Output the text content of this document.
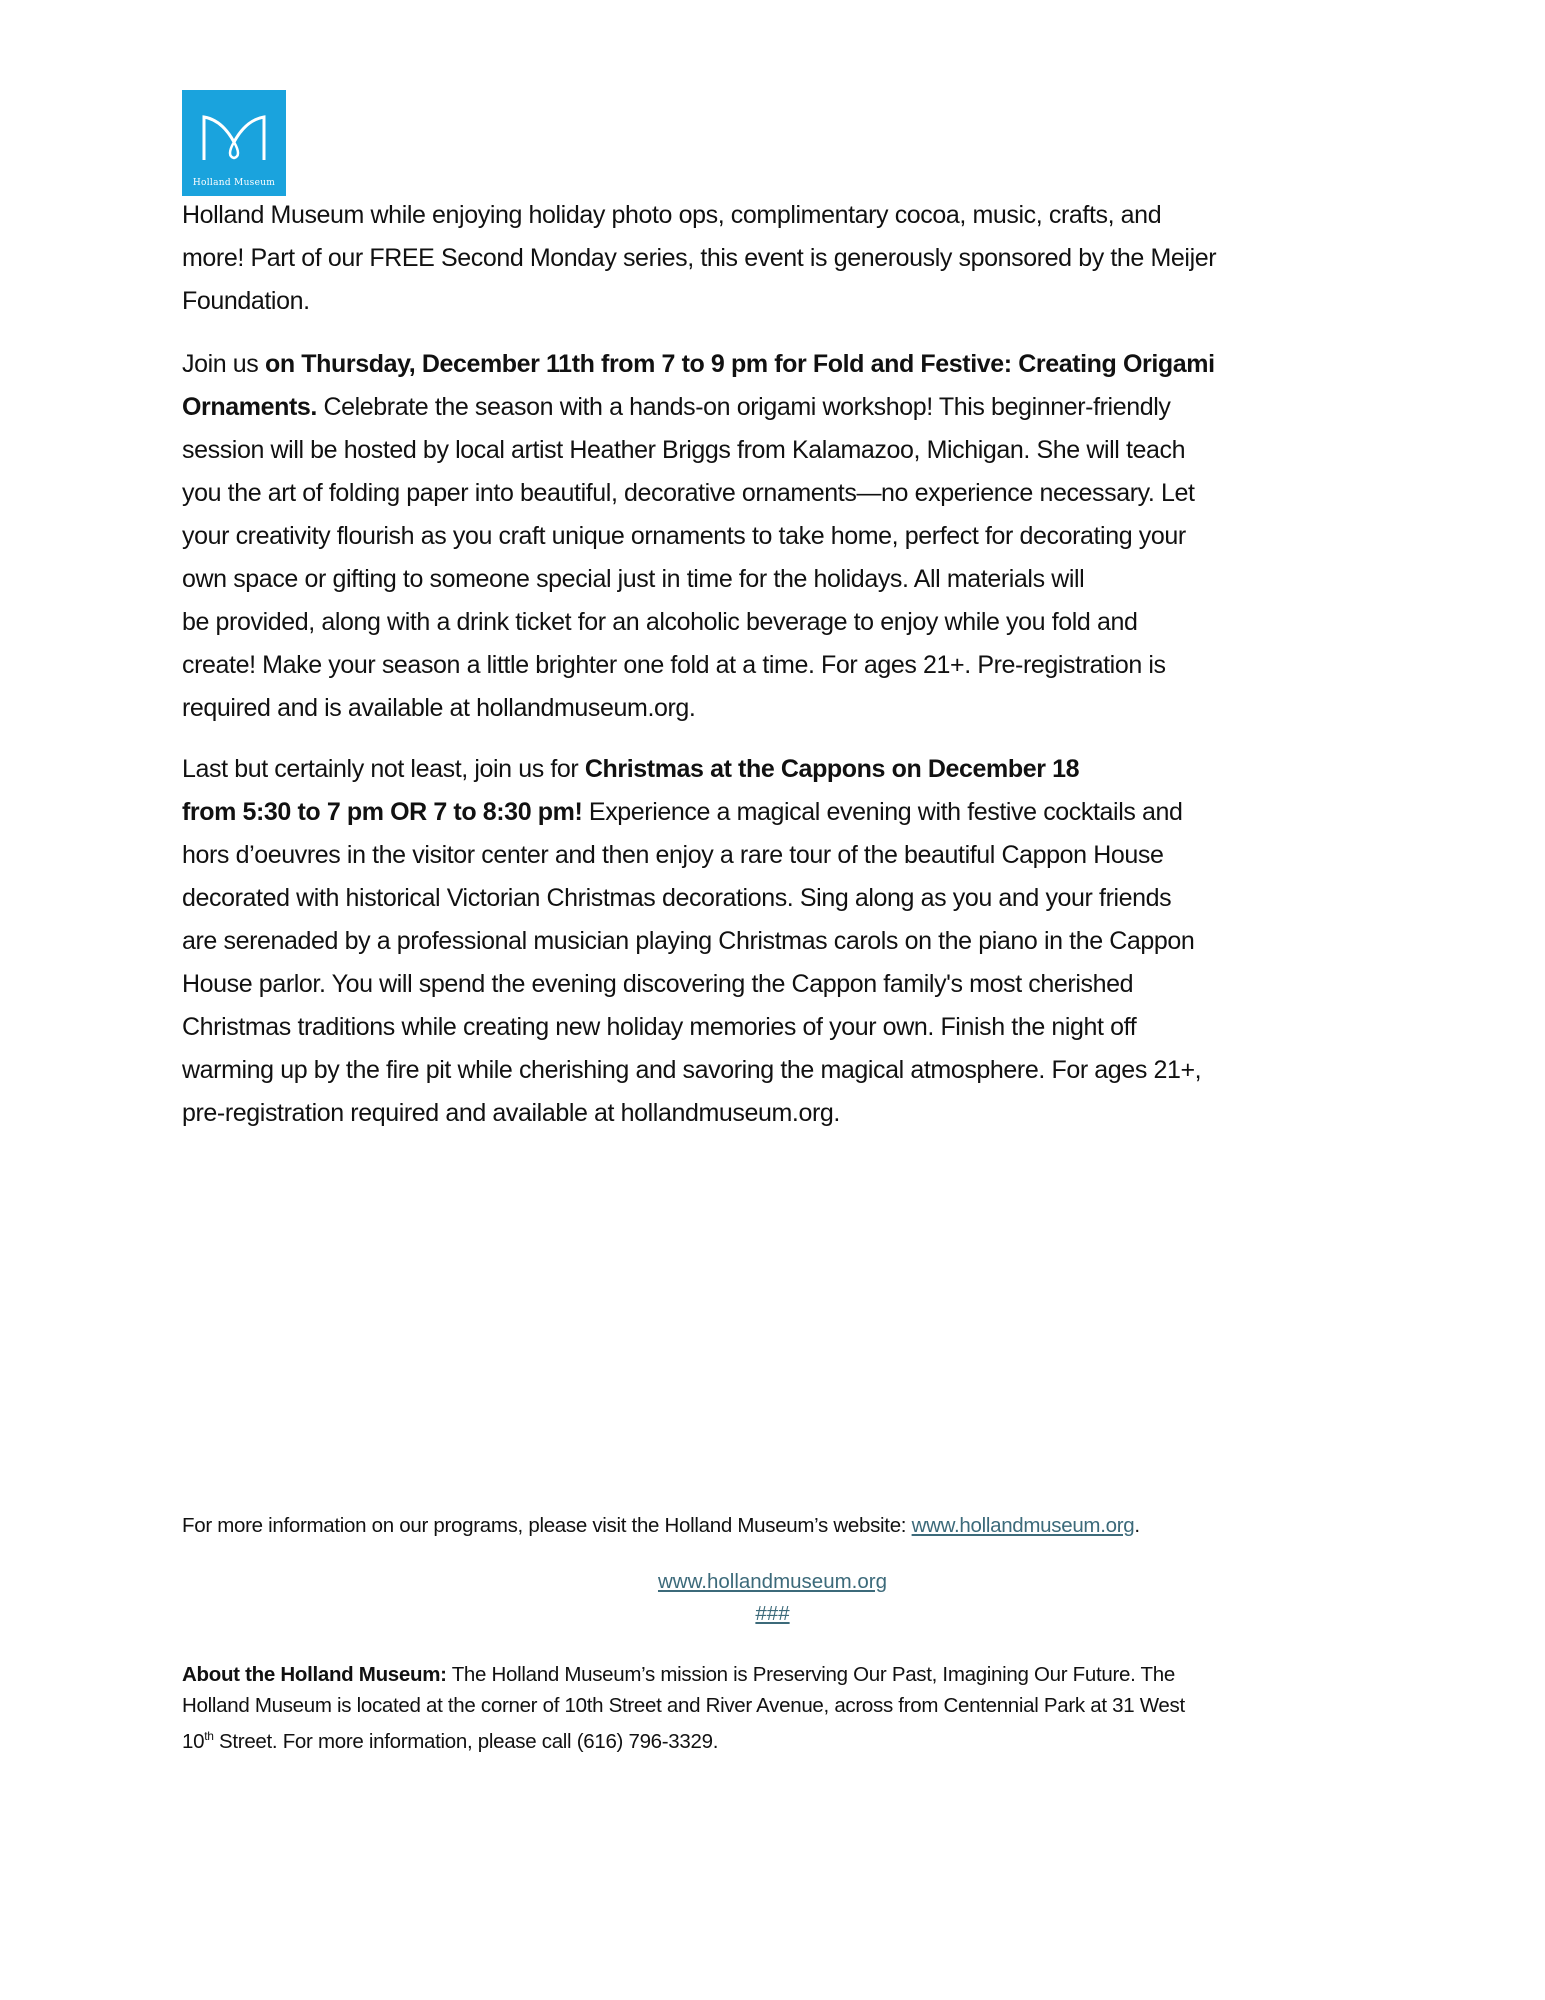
Holland Museum
Holland Museum while enjoying holiday photo ops, complimentary cocoa, music, crafts, and
more! Part of our FREE Second Monday series, this event is generously sponsored by the Meijer
Foundation.
Join us on Thursday, December 11th from 7 to 9 pm for Fold and Festive: Creating Origami
Ornaments. Celebrate the season with a hands-on origami workshop! This beginner-friendly
session will be hosted by local artist Heather Briggs from Kalamazoo, Michigan. She will teach
you the art of folding paper into beautiful, decorative ornaments—no experience necessary. Let
your creativity flourish as you craft unique ornaments to take home, perfect for decorating your
own space or gifting to someone special just in time for the holidays. All materials will
be provided, along with a drink ticket for an alcoholic beverage to enjoy while you fold and
create! Make your season a little brighter one fold at a time. For ages 21+. Pre-registration is
required and is available at hollandmuseum.org.
Last but certainly not least, join us for Christmas at the Cappons on December 18
from 5:30 to 7 pm OR 7 to 8:30 pm! Experience a magical evening with festive cocktails and
hors d’oeuvres in the visitor center and then enjoy a rare tour of the beautiful Cappon House
decorated with historical Victorian Christmas decorations. Sing along as you and your friends
are serenaded by a professional musician playing Christmas carols on the piano in the Cappon
House parlor. You will spend the evening discovering the Cappon family's most cherished
Christmas traditions while creating new holiday memories of your own. Finish the night off
warming up by the fire pit while cherishing and savoring the magical atmosphere. For ages 21+,
pre-registration required and available at hollandmuseum.org.
For more information on our programs, please visit the Holland Museum’s website: www.hollandmuseum.org.
www.hollandmuseum.org
###
About the Holland Museum: The Holland Museum’s mission is Preserving Our Past, Imagining Our Future. The
Holland Museum is located at the corner of 10th Street and River Avenue, across from Centennial Park at 31 West
10th Street. For more information, please call (616) 796-3329.
